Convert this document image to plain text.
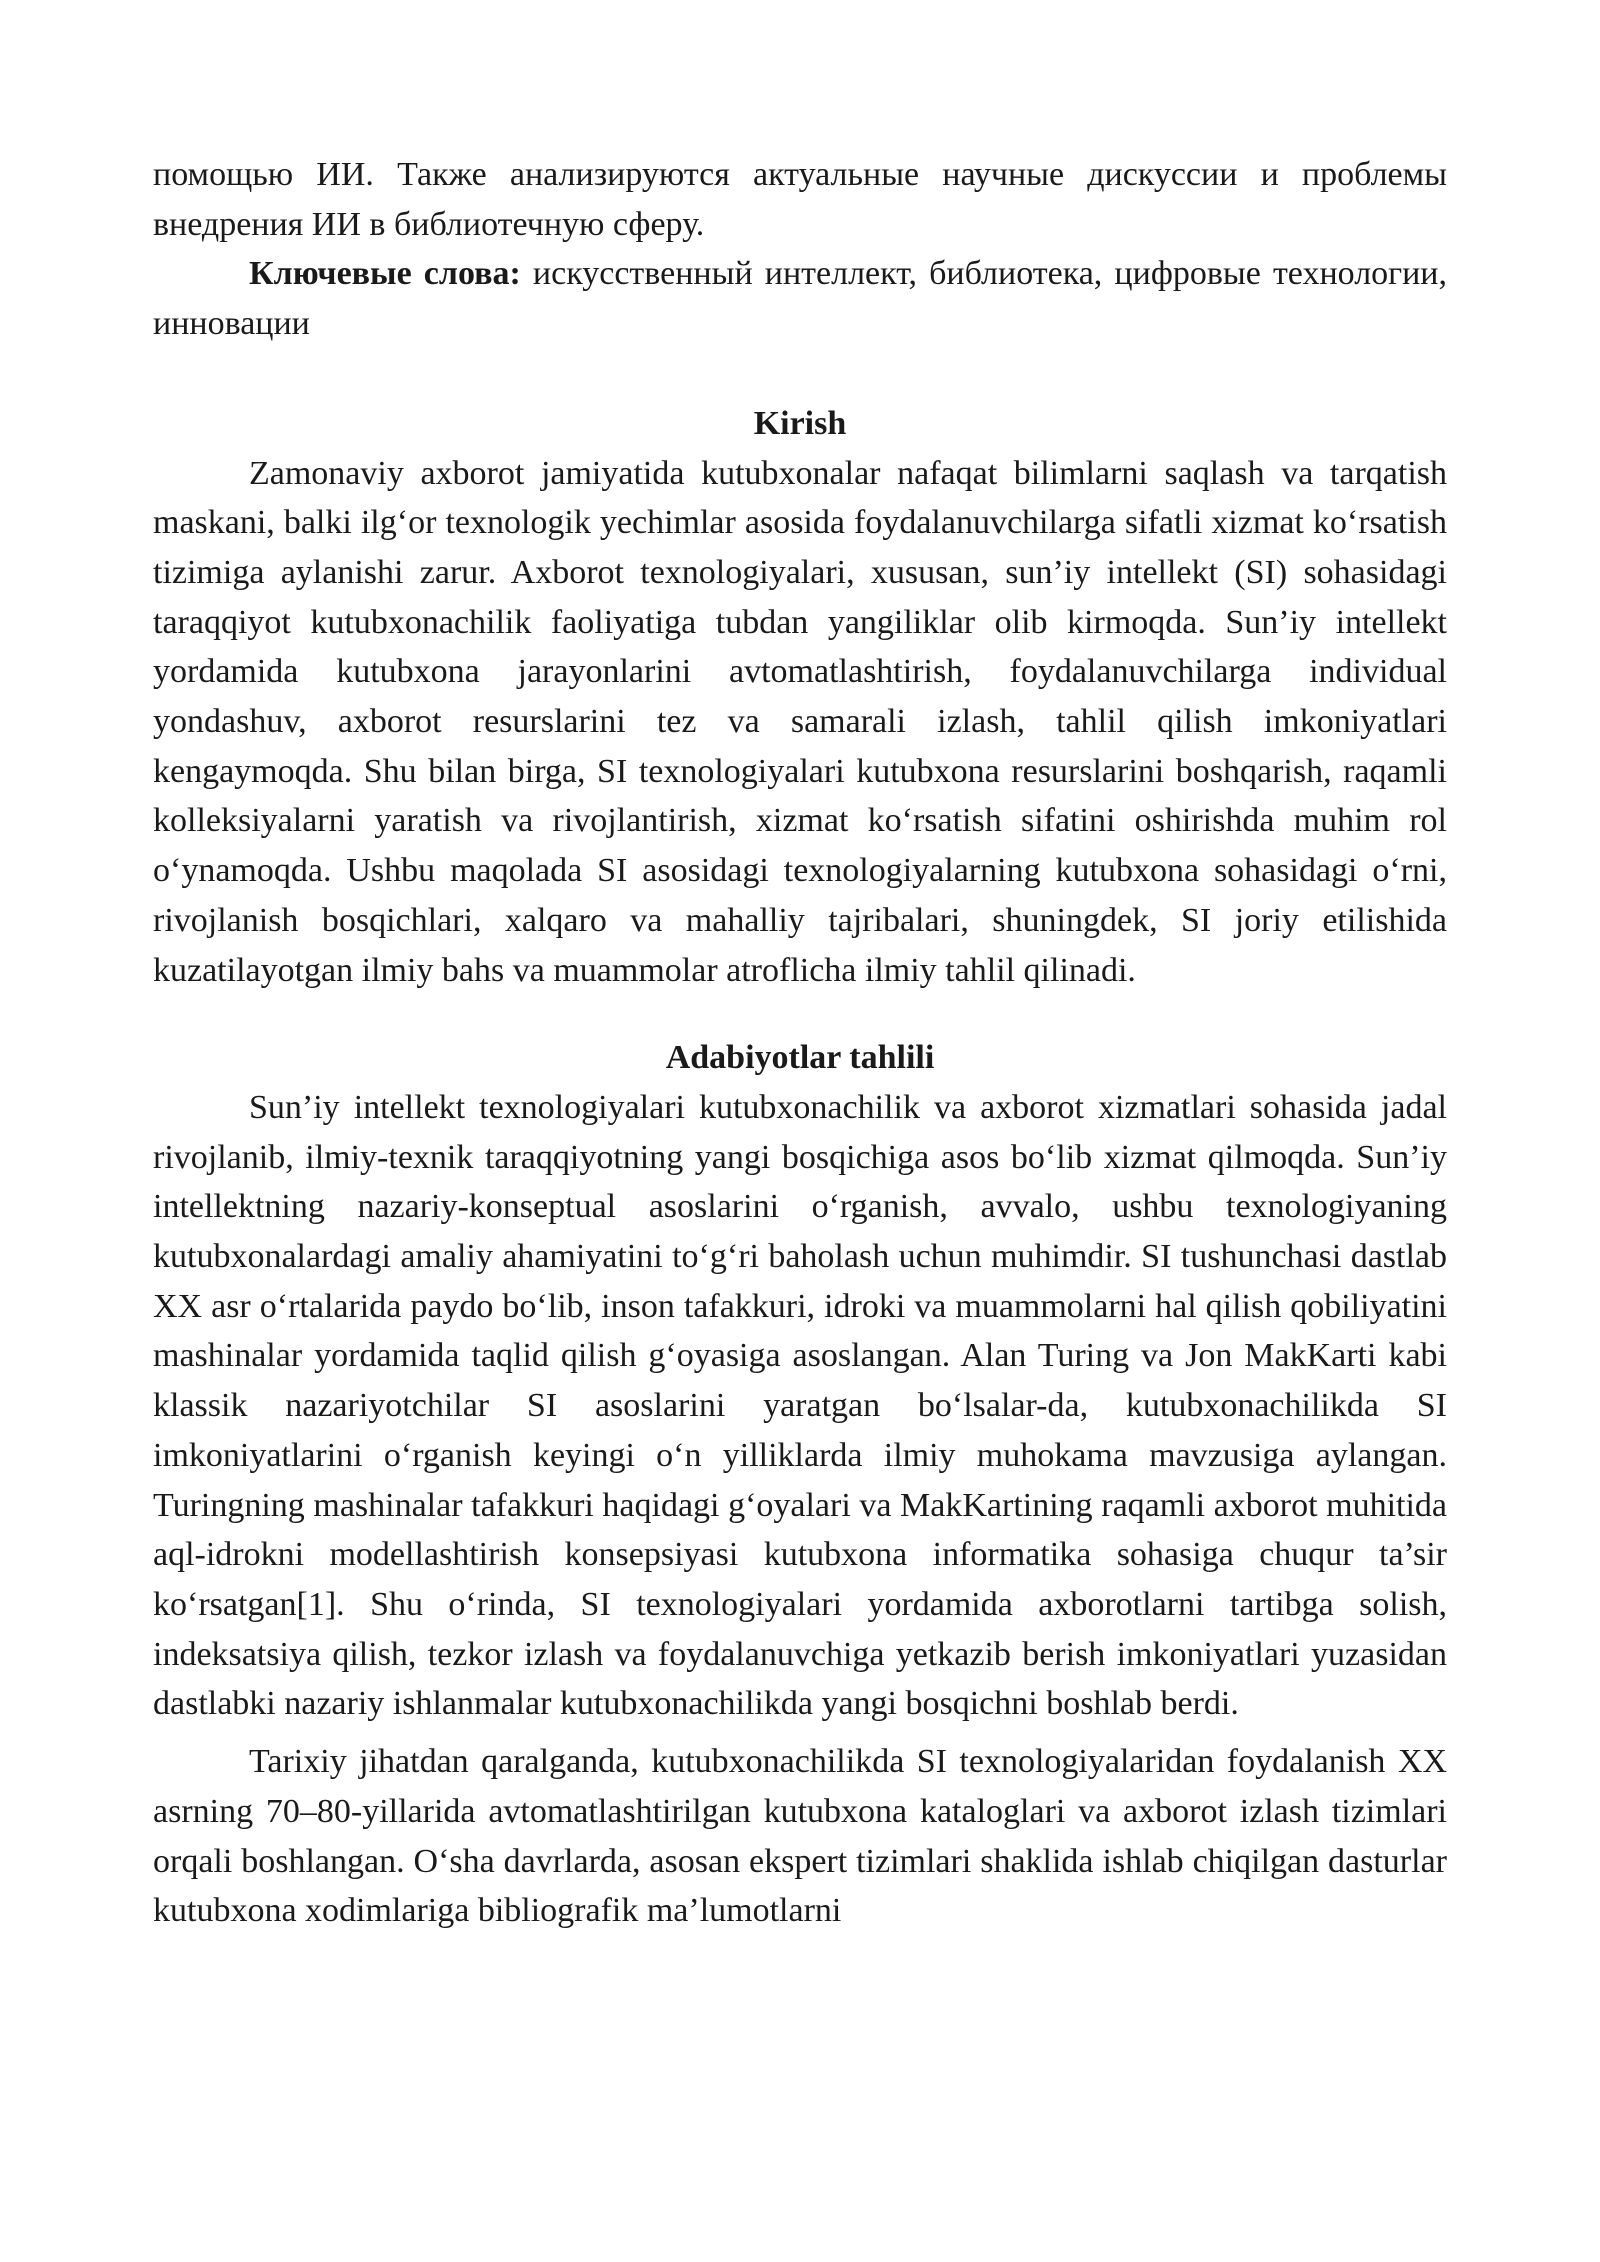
помощью ИИ. Также анализируются актуальные научные дискуссии и проблемы внедрения ИИ в библиотечную сферу.

Ключевые слова: искусственный интеллект, библиотека, цифровые технологии, инновации

Kirish

Zamonaviy axborot jamiyatida kutubxonalar nafaqat bilimlarni saqlash va tarqatish maskani, balki ilg‘or texnologik yechimlar asosida foydalanuvchilarga sifatli xizmat ko‘rsatish tizimiga aylanishi zarur. Axborot texnologiyalari, xususan, sun’iy intellekt (SI) sohasidagi taraqqiyot kutubxonachilik faoliyatiga tubdan yangiliklar olib kirmoqda. Sun’iy intellekt yordamida kutubxona jarayonlarini avtomatlashtirish, foydalanuvchilarga individual yondashuv, axborot resurslarini tez va samarali izlash, tahlil qilish imkoniyatlari kengaymoqda. Shu bilan birga, SI texnologiyalari kutubxona resurslarini boshqarish, raqamli kolleksiyalarni yaratish va rivojlantirish, xizmat ko‘rsatish sifatini oshirishda muhim rol o‘ynamoqda. Ushbu maqolada SI asosidagi texnologiyalarning kutubxona sohasidagi o‘rni, rivojlanish bosqichlari, xalqaro va mahalliy tajribalari, shuningdek, SI joriy etilishida kuzatilayotgan ilmiy bahs va muammolar atroflicha ilmiy tahlil qilinadi.

Adabiyotlar tahlili

Sun’iy intellekt texnologiyalari kutubxonachilik va axborot xizmatlari sohasida jadal rivojlanib, ilmiy-texnik taraqqiyotning yangi bosqichiga asos bo‘lib xizmat qilmoqda. Sun’iy intellektning nazariy-konseptual asoslarini o‘rganish, avvalo, ushbu texnologiyaning kutubxonalardagi amaliy ahamiyatini to‘g‘ri baholash uchun muhimdir. SI tushunchasi dastlab XX asr o‘rtalarida paydo bo‘lib, inson tafakkuri, idroki va muammolarni hal qilish qobiliyatini mashinalar yordamida taqlid qilish g‘oyasiga asoslangan. Alan Turing va Jon MakKarti kabi klassik nazariyotchilar SI asoslarini yaratgan bo‘lsalar-da, kutubxonachilikda SI imkoniyatlarini o‘rganish keyingi o‘n yilliklarda ilmiy muhokama mavzusiga aylangan. Turingning mashinalar tafakkuri haqidagi g‘oyalari va MakKartining raqamli axborot muhitida aql-idrokni modellashtirish konsepsiyasi kutubxona informatika sohasiga chuqur ta’sir ko‘rsatgan[1]. Shu o‘rinda, SI texnologiyalari yordamida axborotlarni tartibga solish, indeksatsiya qilish, tezkor izlash va foydalanuvchiga yetkazib berish imkoniyatlari yuzasidan dastlabki nazariy ishlanmalar kutubxonachilikda yangi bosqichni boshlab berdi.

Tarixiy jihatdan qaralganda, kutubxonachilikda SI texnologiyalaridan foydalanish XX asrning 70–80-yillarida avtomatlashtirilgan kutubxona kataloglari va axborot izlash tizimlari orqali boshlangan. O‘sha davrlarda, asosan ekspert tizimlari shaklida ishlab chiqilgan dasturlar kutubxona xodimlariga bibliografik ma’lumotlarni
